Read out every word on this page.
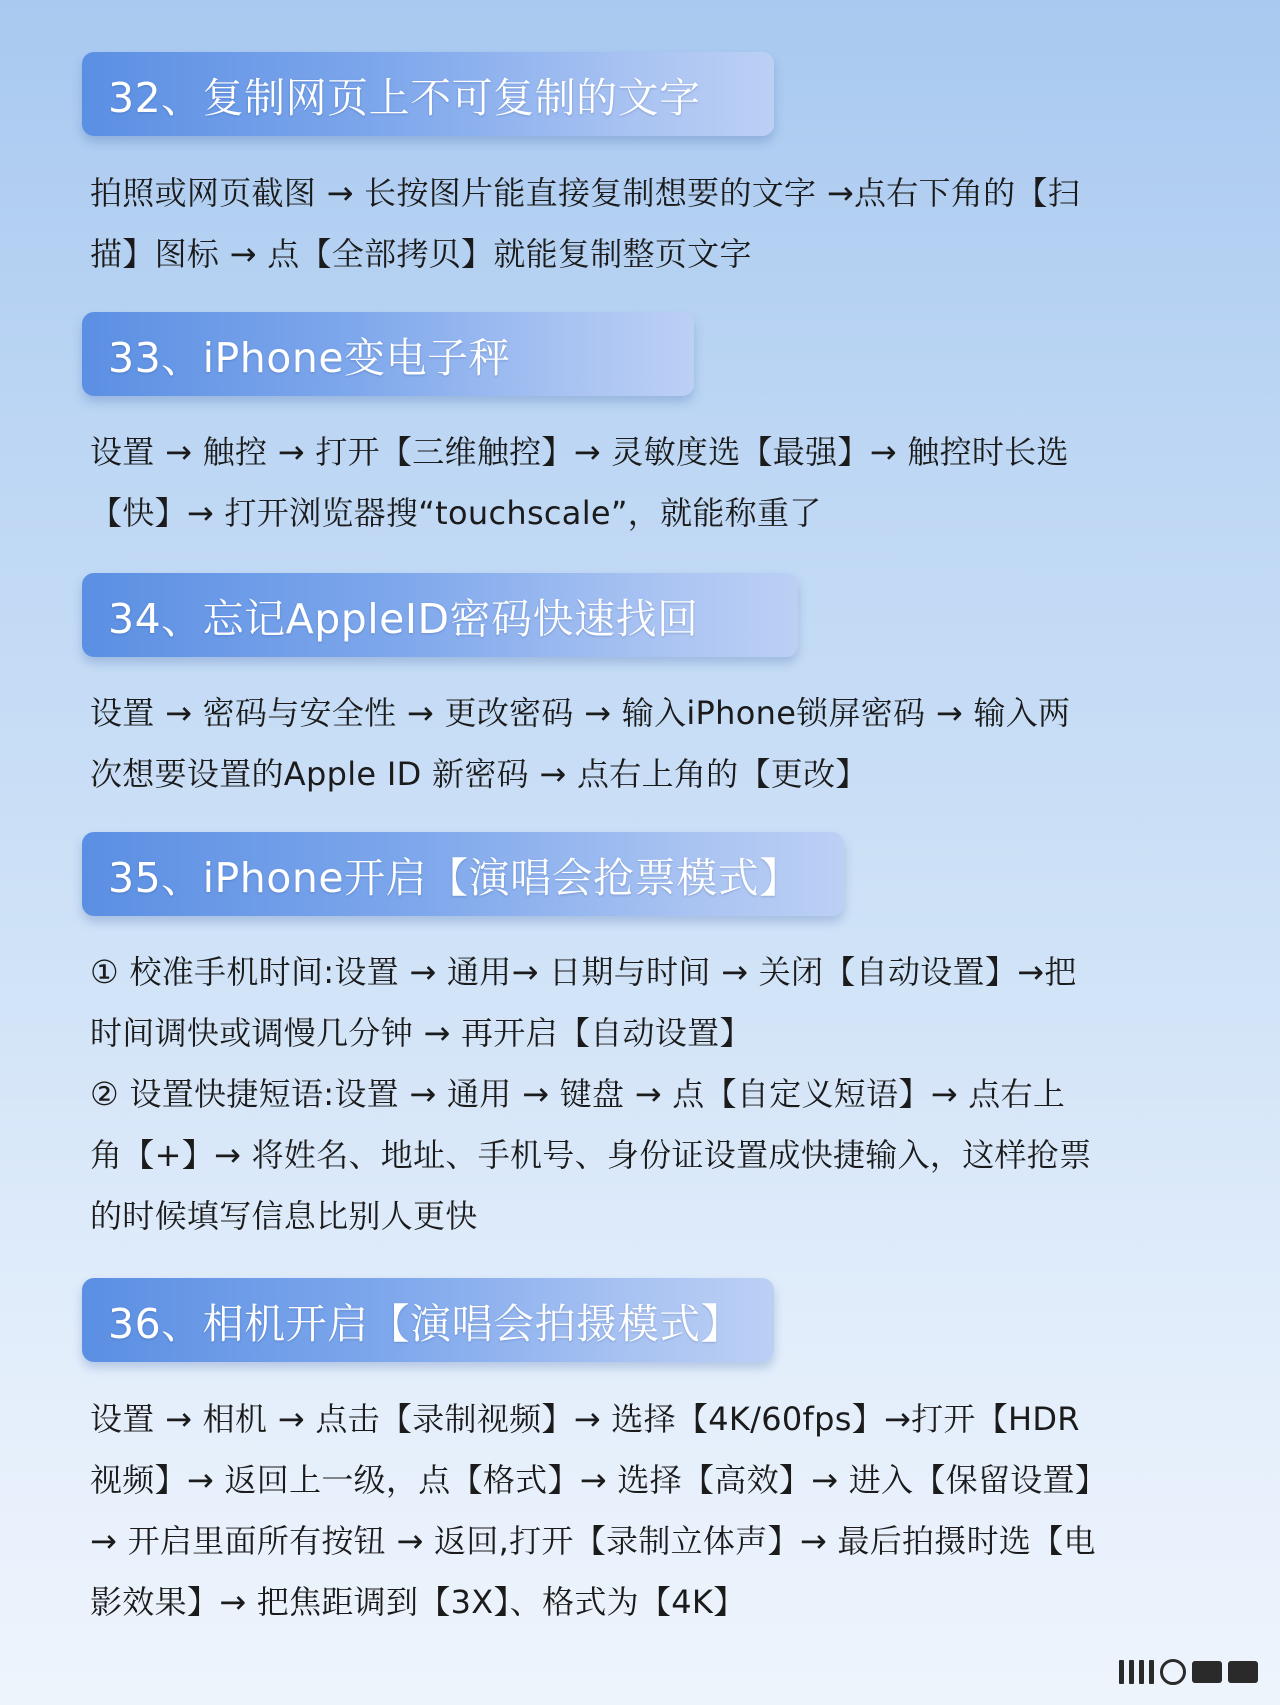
32、复制网页上不可复制的文字
拍照或网页截图 → 长按图片能直接复制想要的文字 →点右下角的【扫
描】图标 → 点【全部拷贝】就能复制整页文字
33、iPhone变电子秤
设置 → 触控 → 打开【三维触控】→ 灵敏度选【最强】→ 触控时长选
【快】→ 打开浏览器搜“touchscale”，就能称重了
34、忘记AppleID密码快速找回
设置 → 密码与安全性 → 更改密码 → 输入iPhone锁屏密码 → 输入两
次想要设置的Apple ID 新密码 → 点右上角的【更改】
35、iPhone开启【演唱会抢票模式】
① 校准手机时间:设置 → 通用→ 日期与时间 → 关闭【自动设置】→把
时间调快或调慢几分钟 → 再开启【自动设置】
② 设置快捷短语:设置 → 通用 → 键盘 → 点【自定义短语】→ 点右上
角【+】→ 将姓名、地址、手机号、身份证设置成快捷输入，这样抢票
的时候填写信息比别人更快
36、相机开启【演唱会拍摄模式】
设置 → 相机 → 点击【录制视频】→ 选择【4K/60fps】→打开【HDR
视频】→ 返回上一级，点【格式】→ 选择【高效】→ 进入【保留设置】
→ 开启里面所有按钮 → 返回,打开【录制立体声】→ 最后拍摄时选【电
影效果】→ 把焦距调到【3X】、格式为【4K】
